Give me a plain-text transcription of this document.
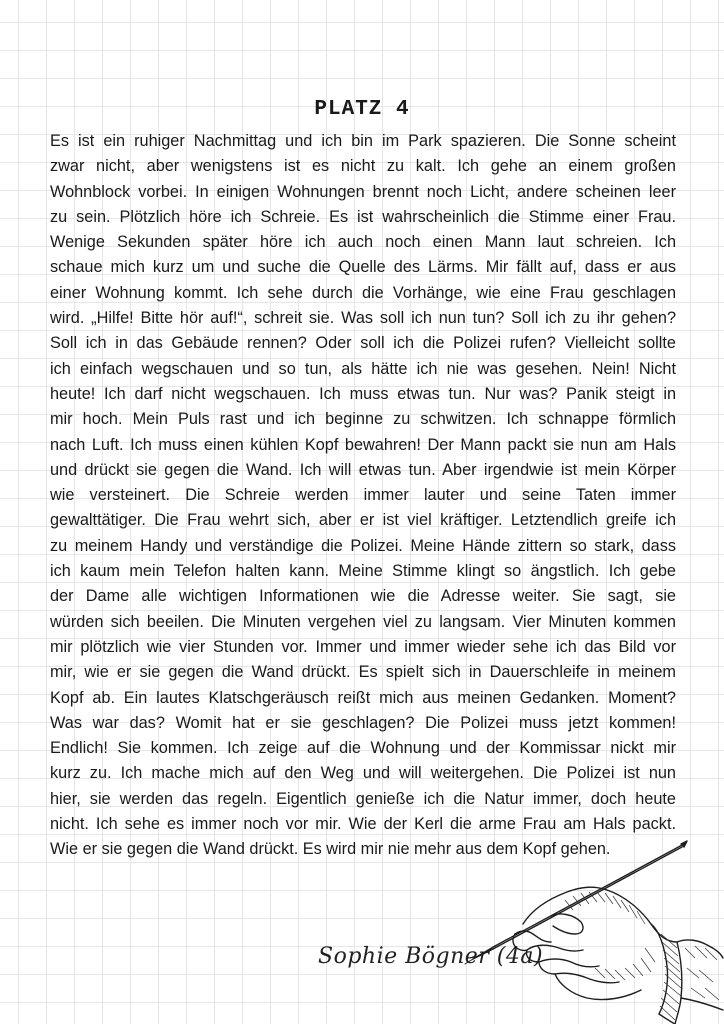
PLATZ 4
Es ist ein ruhiger Nachmittag und ich bin im Park spazieren. Die Sonne scheint
zwar nicht, aber wenigstens ist es nicht zu kalt. Ich gehe an einem großen
Wohnblock vorbei. In einigen Wohnungen brennt noch Licht, andere scheinen leer
zu sein. Plötzlich höre ich Schreie. Es ist wahrscheinlich die Stimme einer Frau.
Wenige Sekunden später höre ich auch noch einen Mann laut schreien. Ich
schaue mich kurz um und suche die Quelle des Lärms. Mir fällt auf, dass er aus
einer Wohnung kommt. Ich sehe durch die Vorhänge, wie eine Frau geschlagen
wird. „Hilfe! Bitte hör auf!“, schreit sie. Was soll ich nun tun? Soll ich zu ihr gehen?
Soll ich in das Gebäude rennen? Oder soll ich die Polizei rufen? Vielleicht sollte
ich einfach wegschauen und so tun, als hätte ich nie was gesehen. Nein! Nicht
heute! Ich darf nicht wegschauen. Ich muss etwas tun. Nur was? Panik steigt in
mir hoch. Mein Puls rast und ich beginne zu schwitzen. Ich schnappe förmlich
nach Luft. Ich muss einen kühlen Kopf bewahren! Der Mann packt sie nun am Hals
und drückt sie gegen die Wand. Ich will etwas tun. Aber irgendwie ist mein Körper
wie versteinert. Die Schreie werden immer lauter und seine Taten immer
gewalttätiger. Die Frau wehrt sich, aber er ist viel kräftiger. Letztendlich greife ich
zu meinem Handy und verständige die Polizei. Meine Hände zittern so stark, dass
ich kaum mein Telefon halten kann. Meine Stimme klingt so ängstlich. Ich gebe
der Dame alle wichtigen Informationen wie die Adresse weiter. Sie sagt, sie
würden sich beeilen. Die Minuten vergehen viel zu langsam. Vier Minuten kommen
mir plötzlich wie vier Stunden vor. Immer und immer wieder sehe ich das Bild vor
mir, wie er sie gegen die Wand drückt. Es spielt sich in Dauerschleife in meinem
Kopf ab. Ein lautes Klatschgeräusch reißt mich aus meinen Gedanken. Moment?
Was war das? Womit hat er sie geschlagen? Die Polizei muss jetzt kommen!
Endlich! Sie kommen. Ich zeige auf die Wohnung und der Kommissar nickt mir
kurz zu. Ich mache mich auf den Weg und will weitergehen. Die Polizei ist nun
hier, sie werden das regeln. Eigentlich genieße ich die Natur immer, doch heute
nicht. Ich sehe es immer noch vor mir. Wie der Kerl die arme Frau am Hals packt.
Wie er sie gegen die Wand drückt. Es wird mir nie mehr aus dem Kopf gehen.
Sophie Bögner (4a)
